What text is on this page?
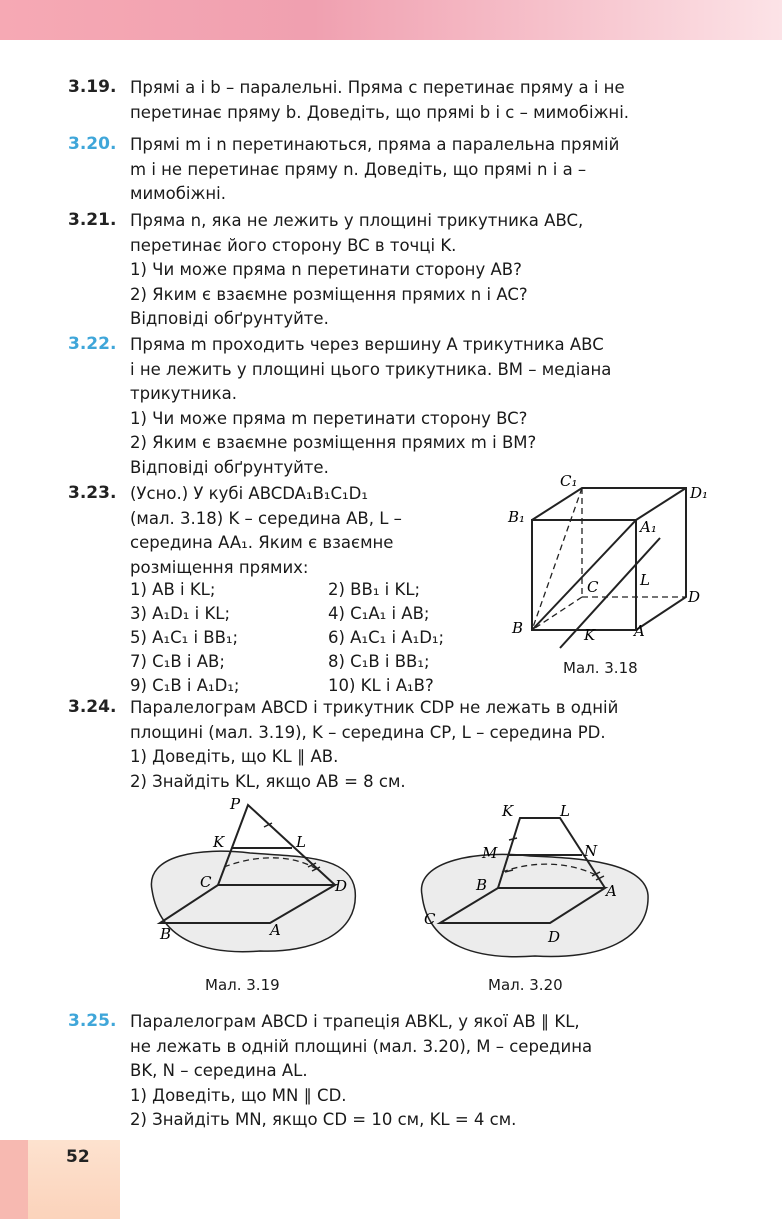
3.19. Прямі a і b – паралельні. Пряма c перетинає пряму a і не
перетинає пряму b. Доведіть, що прямі b і c – мимобіжні.
3.20. Прямі m і n перетинаються, пряма a паралельна прямій
m і не перетинає пряму n. Доведіть, що прямі n і a –
мимобіжні.
3.21. Пряма n, яка не лежить у площині трикутника ABC,
перетинає його сторону BC в точці K.
1) Чи може пряма n перетинати сторону AB?
2) Яким є взаємне розміщення прямих n і AC?
Відповіді обґрунтуйте.
3.22. Пряма m проходить через вершину A трикутника ABC
і не лежить у площині цього трикутника. BM – медіана
трикутника.
1) Чи може пряма m перетинати сторону BC?
2) Яким є взаємне розміщення прямих m і BM?
Відповіді обґрунтуйте.
3.23. (Усно.) У кубі ABCDA₁B₁C₁D₁
(мал. 3.18) K – середина AB, L –
середина AA₁. Яким є взаємне
розміщення прямих:
1) AB і KL;	2) BB₁ і KL;
3) A₁D₁ і KL;	4) C₁A₁ і AB;
5) A₁C₁ і BB₁;	6) A₁C₁ і A₁D₁;
7) C₁B і AB;	8) C₁B і BB₁;
9) C₁B і A₁D₁;	10) KL і A₁B?
C₁
D₁
B₁
A₁
L
C
D
B	K	A
Мал. 3.18
3.24. Паралелограм ABCD і трикутник CDP не лежать в одній
площині (мал. 3.19), K – середина CP, L – середина PD.
1) Доведіть, що KL ∥ AB.
2) Знайдіть KL, якщо AB = 8 см.
P
K	L
C	D
B	A
Мал. 3.19
K	L
M	N
B	A
C
D
Мал. 3.20
3.25. Паралелограм ABCD і трапеція ABKL, у якої AB ∥ KL,
не лежать в одній площині (мал. 3.20), M – середина
BK, N – середина AL.
1) Доведіть, що MN ∥ CD.
2) Знайдіть MN, якщо CD = 10 см, KL = 4 см.
52
